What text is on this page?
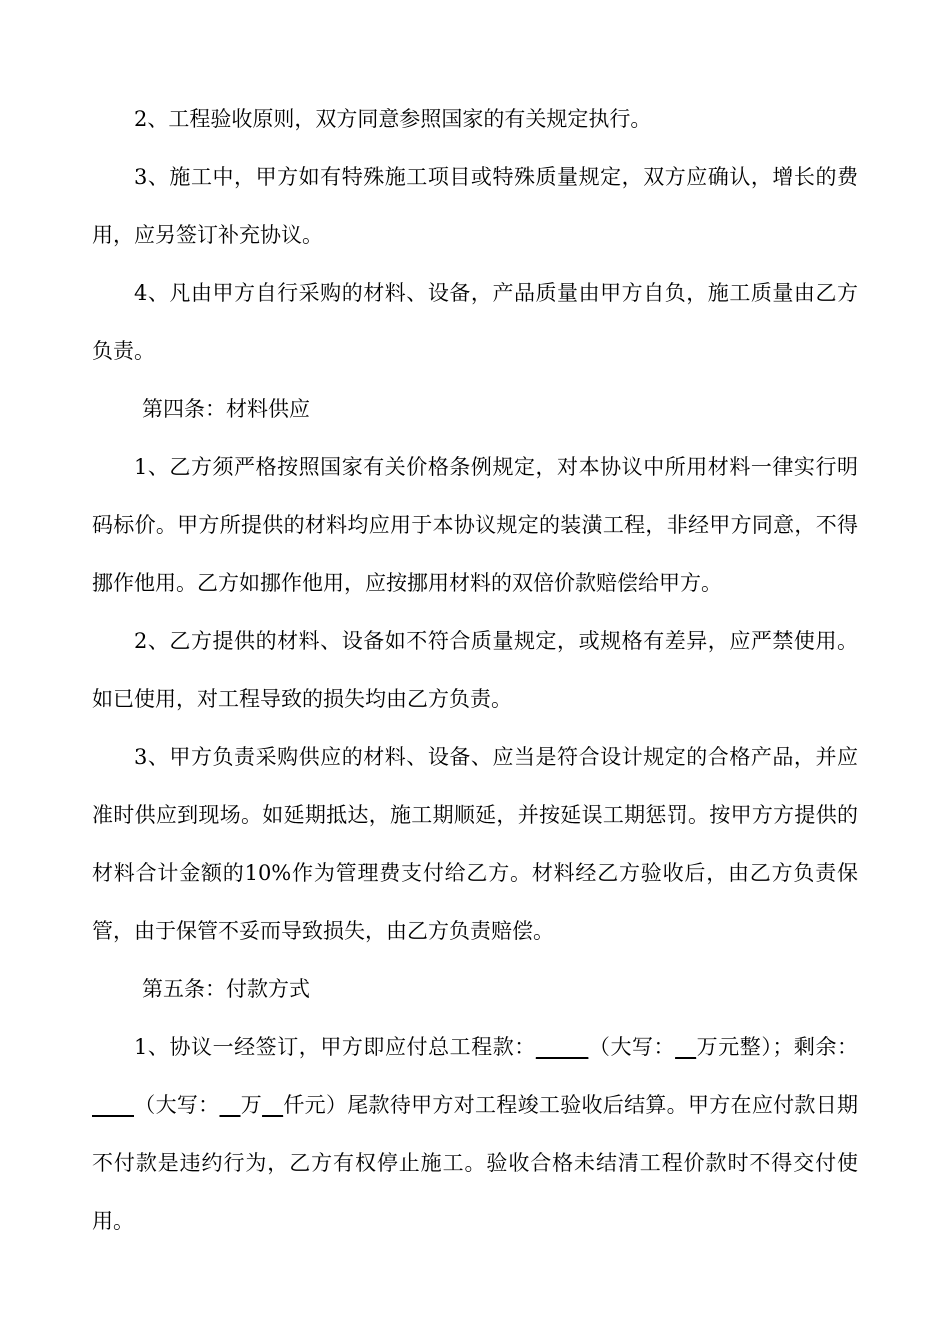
2、工程验收原则，双方同意参照国家的有关规定执行。

3、施工中，甲方如有特殊施工项目或特殊质量规定，双方应确认，增长的费用，应另签订补充协议。

4、凡由甲方自行采购的材料、设备，产品质量由甲方自负，施工质量由乙方负责。

第四条：材料供应

1、乙方须严格按照国家有关价格条例规定，对本协议中所用材料一律实行明码标价。甲方所提供的材料均应用于本协议规定的装潢工程，非经甲方同意，不得挪作他用。乙方如挪作他用，应按挪用材料的双倍价款赔偿给甲方。

2、乙方提供的材料、设备如不符合质量规定，或规格有差异，应严禁使用。如已使用，对工程导致的损失均由乙方负责。

3、甲方负责采购供应的材料、设备、应当是符合设计规定的合格产品，并应准时供应到现场。如延期抵达，施工期顺延，并按延误工期惩罚。按甲方方提供的材料合计金额的10%作为管理费支付给乙方。材料经乙方验收后，由乙方负责保管，由于保管不妥而导致损失，由乙方负责赔偿。

第五条：付款方式

1、协议一经签订，甲方即应付总工程款：_____（大写：__万元整）；剩余：____（大写：__万__仟元）尾款待甲方对工程竣工验收后结算。甲方在应付款日期不付款是违约行为，乙方有权停止施工。验收合格未结清工程价款时不得交付使用。
